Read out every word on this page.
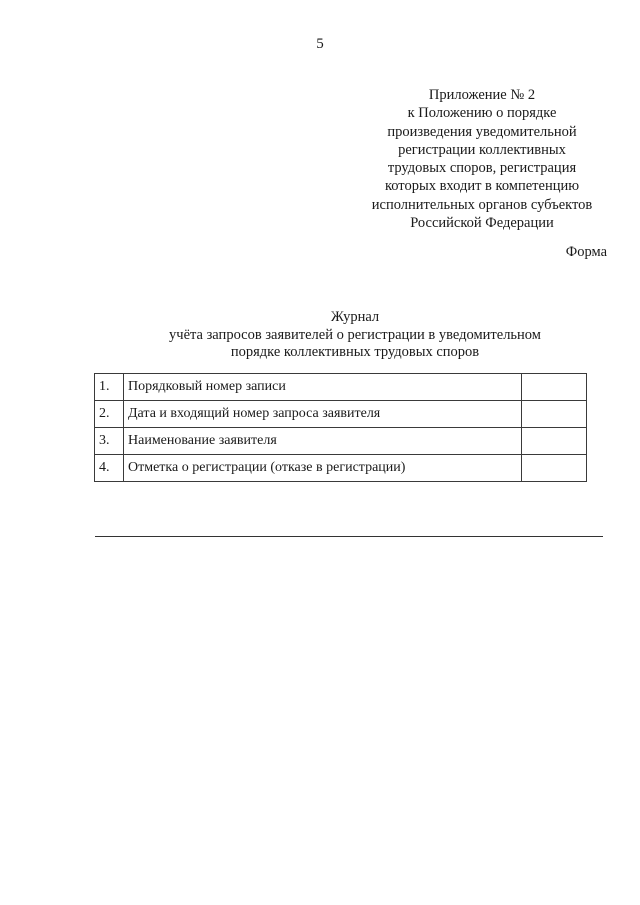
5
Приложение № 2
к Положению о порядке
произведения уведомительной
регистрации коллективных
трудовых споров, регистрация
которых входит в компетенцию
исполнительных органов субъектов
Российской Федерации
Форма
Журнал
учёта запросов заявителей о регистрации в уведомительном
порядке коллективных трудовых споров
1.	Порядковый номер записи	
2.	Дата и входящий номер запроса заявителя	
3.	Наименование заявителя	
4.	Отметка о регистрации (отказе в регистрации)	
